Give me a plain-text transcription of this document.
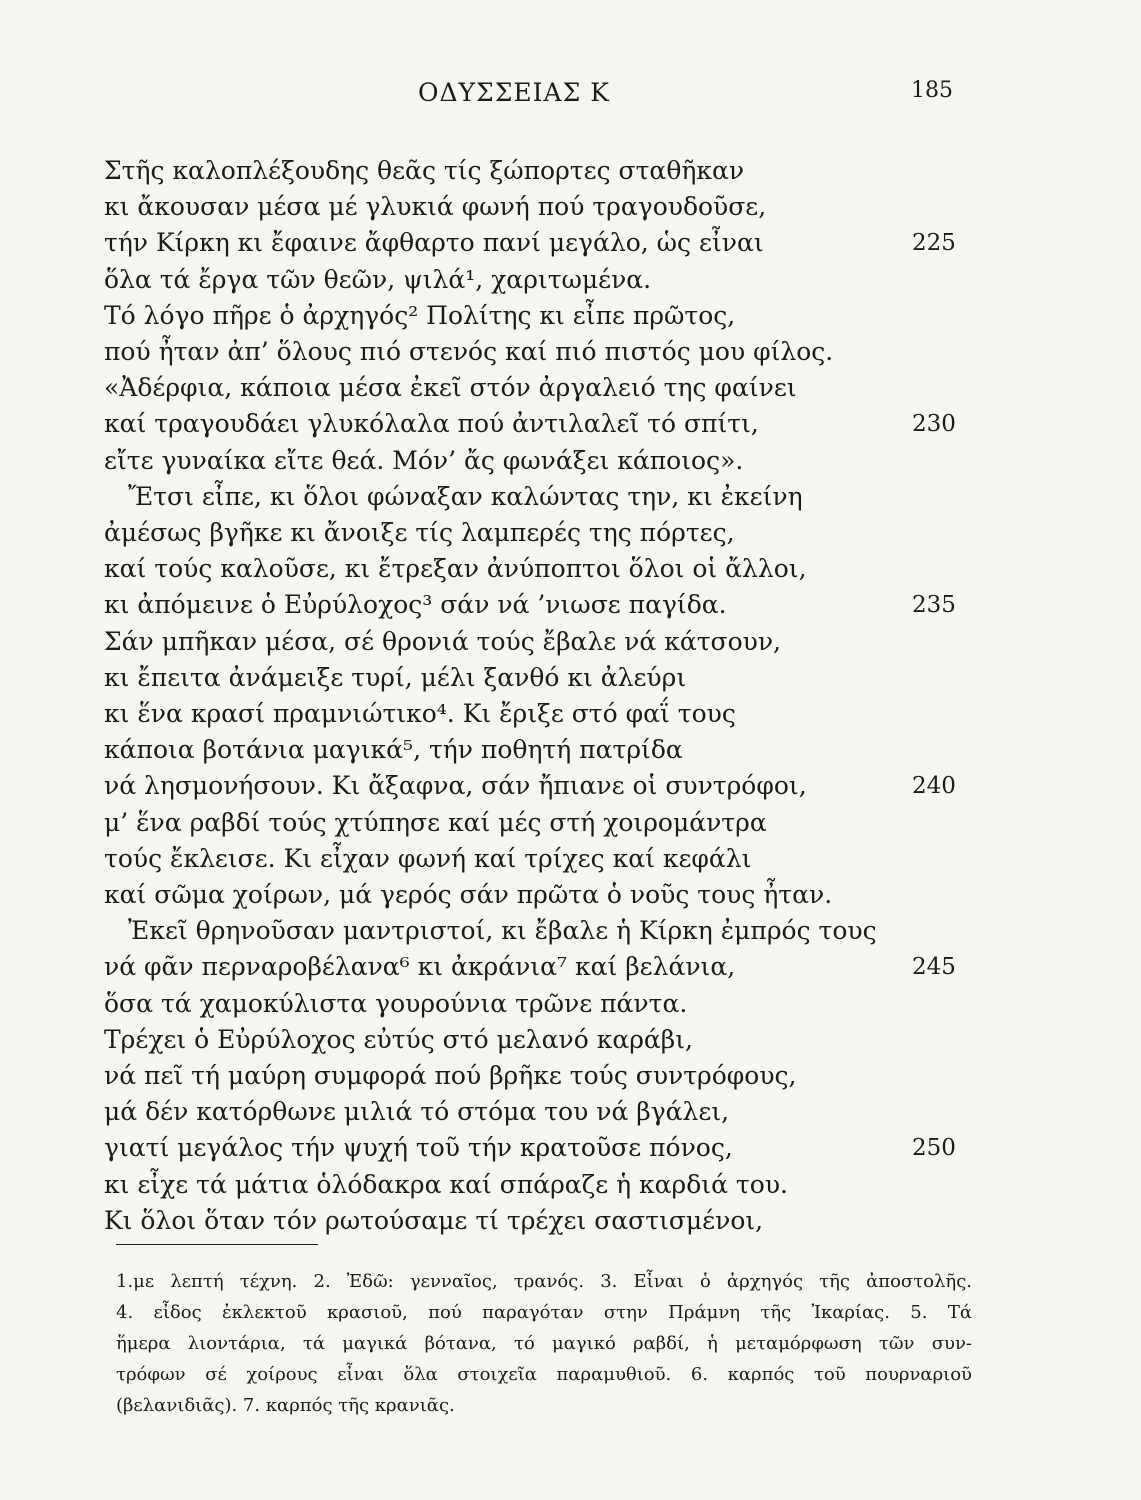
ΟΔΥΣΣΕΙΑΣ Κ	185
Στῆς καλοπλέξουδης θεᾶς τίς ξώπορτες σταθῆκαν
κι ἄκουσαν μέσα μέ γλυκιά φωνή πού τραγουδοῦσε,
τήν Κίρκη κι ἔφαινε ἄφθαρτο πανί μεγάλο, ὡς εἶναι
ὅλα τά ἔργα τῶν θεῶν, ψιλά¹, χαριτωμένα.
Τό λόγο πῆρε ὁ ἀρχηγός² Πολίτης κι εἶπε πρῶτος,
πού ἦταν ἀπ’ ὅλους πιό στενός καί πιό πιστός μου φίλος.
«Ἀδέρφια, κάποια μέσα ἐκεῖ στόν ἀργαλειό της φαίνει
καί τραγουδάει γλυκόλαλα πού ἀντιλαλεῖ τό σπίτι,
εἴτε γυναίκα εἴτε θεά. Μόν’ ἄς φωνάξει κάποιος».
Ἔτσι εἶπε, κι ὅλοι φώναξαν καλώντας την, κι ἐκείνη
ἀμέσως βγῆκε κι ἄνοιξε τίς λαμπερές της πόρτες,
καί τούς καλοῦσε, κι ἔτρεξαν ἀνύποπτοι ὅλοι οἱ ἄλλοι,
κι ἀπόμεινε ὁ Εὐρύλοχος³ σάν νά ’νιωσε παγίδα.
Σάν μπῆκαν μέσα, σέ θρονιά τούς ἔβαλε νά κάτσουν,
κι ἔπειτα ἀνάμειξε τυρί, μέλι ξανθό κι ἀλεύρι
κι ἕνα κρασί πραμνιώτικο⁴. Κι ἔριξε στό φαΐ τους
κάποια βοτάνια μαγικά⁵, τήν ποθητή πατρίδα
νά λησμονήσουν. Κι ἄξαφνα, σάν ἤπιανε οἱ συντρόφοι,
μ’ ἕνα ραβδί τούς χτύπησε καί μές στή χοιρομάντρα
τούς ἔκλεισε. Κι εἶχαν φωνή καί τρίχες καί κεφάλι
καί σῶμα χοίρων, μά γερός σάν πρῶτα ὁ νοῦς τους ἦταν.
Ἐκεῖ θρηνοῦσαν μαντριστοί, κι ἔβαλε ἡ Κίρκη ἐμπρός τους
νά φᾶν περναροβέλανα⁶ κι ἀκράνια⁷ καί βελάνια,
ὅσα τά χαμοκύλιστα γουρούνια τρῶνε πάντα.
Τρέχει ὁ Εὐρύλοχος εὐτύς στό μελανό καράβι,
νά πεῖ τή μαύρη συμφορά πού βρῆκε τούς συντρόφους,
μά δέν κατόρθωνε μιλιά τό στόμα του νά βγάλει,
γιατί μεγάλος τήν ψυχή τοῦ τήν κρατοῦσε πόνος,
κι εἶχε τά μάτια ὁλόδακρα καί σπάραζε ἡ καρδιά του.
Κι ὅλοι ὅταν τόν ρωτούσαμε τί τρέχει σαστισμένοι,
225
230
235
240
245
250
1.με λεπτή τέχνη. 2. Ἐδῶ: γενναῖος, τρανός. 3. Εἶναι ὁ ἀρχηγός τῆς ἀποστολῆς.
4. εἶδος ἐκλεκτοῦ κρασιοῦ, πού παραγόταν στην Πράμνη τῆς Ἰκαρίας. 5. Τά
ἥμερα λιοντάρια, τά μαγικά βότανα, τό μαγικό ραβδί, ἡ μεταμόρφωση τῶν συν-
τρόφων σέ χοίρους εἶναι ὅλα στοιχεῖα παραμυθιοῦ. 6. καρπός τοῦ πουρναριοῦ
(βελανιδιᾶς). 7. καρπός τῆς κρανιᾶς.
